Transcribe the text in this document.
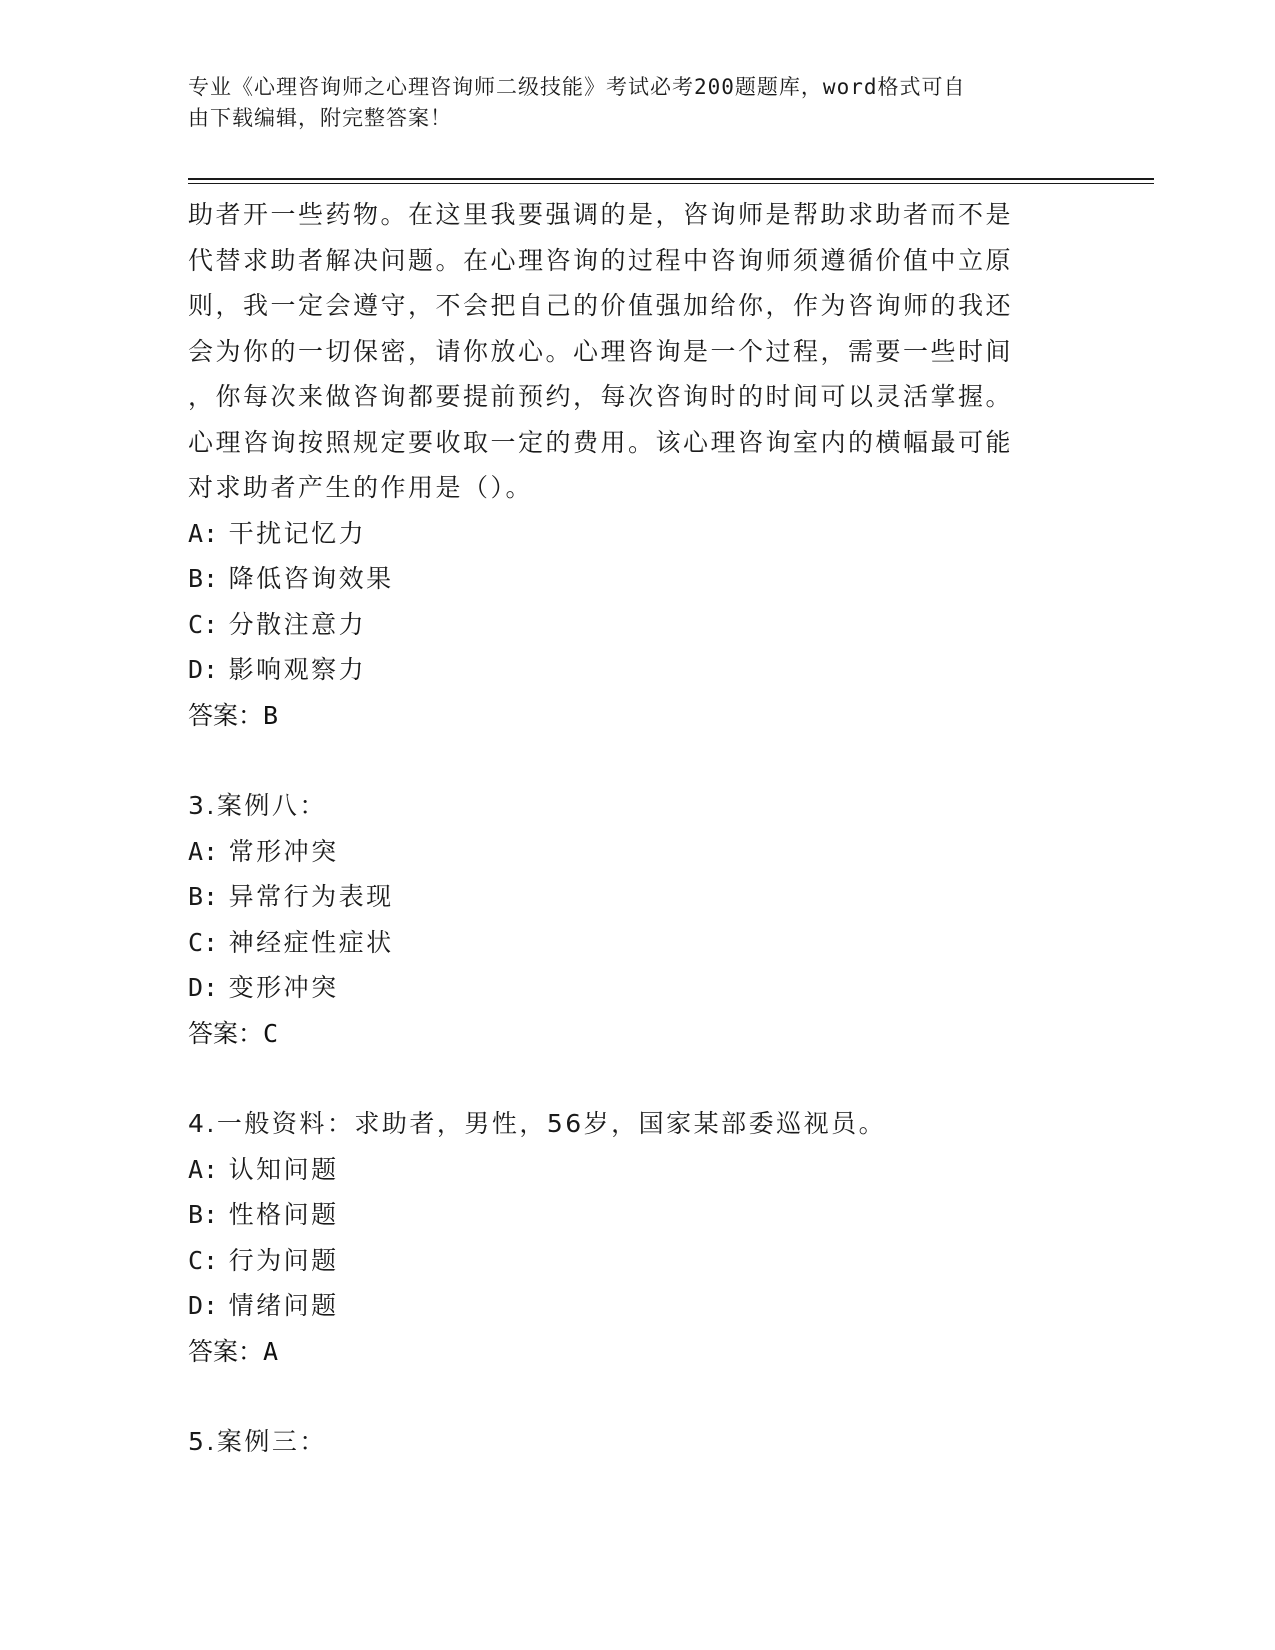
专业《心理咨询师之心理咨询师二级技能》考试必考200题题库，word格式可自
由下载编辑，附完整答案！

助者开一些药物。在这里我要强调的是，咨询师是帮助求助者而不是
代替求助者解决问题。在心理咨询的过程中咨询师须遵循价值中立原
则，我一定会遵守，不会把自己的价值强加给你，作为咨询师的我还
会为你的一切保密，请你放心。心理咨询是一个过程，需要一些时间
，你每次来做咨询都要提前预约，每次咨询时的时间可以灵活掌握。
心理咨询按照规定要收取一定的费用。该心理咨询室内的横幅最可能
对求助者产生的作用是（）。

A: 干扰记忆力
B: 降低咨询效果
C: 分散注意力
D: 影响观察力
答案：B
3.案例八：
A: 常形冲突
B: 异常行为表现
C: 神经症性症状
D: 变形冲突
答案：C
4.一般资料：求助者，男性，56岁，国家某部委巡视员。
A: 认知问题
B: 性格问题
C: 行为问题
D: 情绪问题
答案：A
5.案例三：
